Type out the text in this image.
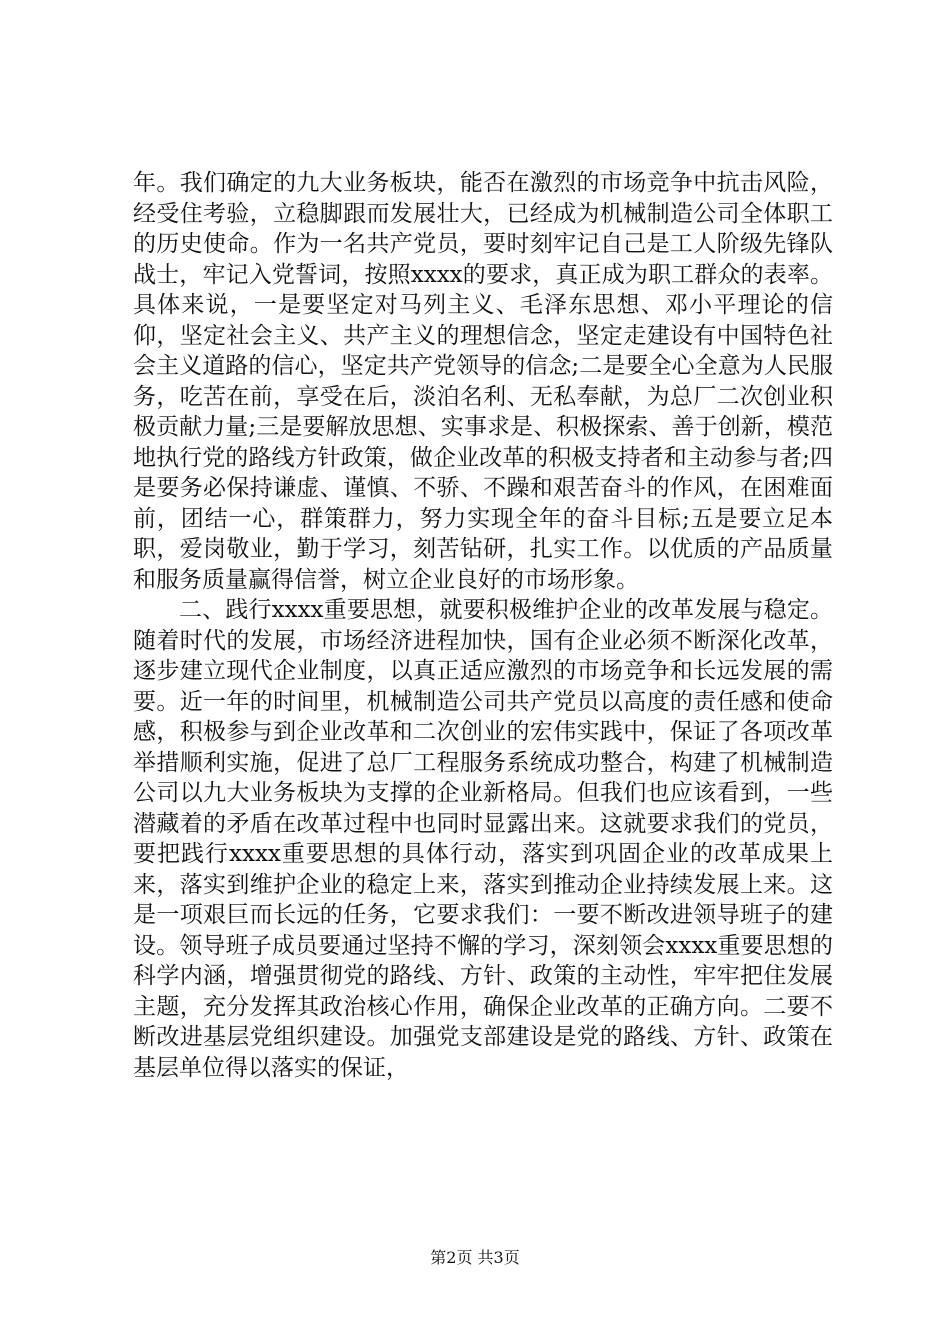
年。我们确定的九大业务板块，能否在激烈的市场竞争中抗击风险，经受住考验，立稳脚跟而发展壮大，已经成为机械制造公司全体职工的历史使命。作为一名共产党员，要时刻牢记自己是工人阶级先锋队战士，牢记入党誓词，按照xxxx的要求，真正成为职工群众的表率。具体来说，一是要坚定对马列主义、毛泽东思想、邓小平理论的信仰，坚定社会主义、共产主义的理想信念，坚定走建设有中国特色社会主义道路的信心，坚定共产党领导的信念;二是要全心全意为人民服务，吃苦在前，享受在后，淡泊名利、无私奉献，为总厂二次创业积极贡献力量;三是要解放思想、实事求是、积极探索、善于创新，模范地执行党的路线方针政策，做企业改革的积极支持者和主动参与者;四是要务必保持谦虚、谨慎、不骄、不躁和艰苦奋斗的作风，在困难面前，团结一心，群策群力，努力实现全年的奋斗目标;五是要立足本职，爱岗敬业，勤于学习，刻苦钻研，扎实工作。以优质的产品质量和服务质量赢得信誉，树立企业良好的市场形象。

二、践行xxxx重要思想，就要积极维护企业的改革发展与稳定。随着时代的发展，市场经济进程加快，国有企业必须不断深化改革，逐步建立现代企业制度，以真正适应激烈的市场竞争和长远发展的需要。近一年的时间里，机械制造公司共产党员以高度的责任感和使命感，积极参与到企业改革和二次创业的宏伟实践中，保证了各项改革举措顺利实施，促进了总厂工程服务系统成功整合，构建了机械制造公司以九大业务板块为支撑的企业新格局。但我们也应该看到，一些潜藏着的矛盾在改革过程中也同时显露出来。这就要求我们的党员，要把践行xxxx重要思想的具体行动，落实到巩固企业的改革成果上来，落实到维护企业的稳定上来，落实到推动企业持续发展上来。这是一项艰巨而长远的任务，它要求我们：一要不断改进领导班子的建设。领导班子成员要通过坚持不懈的学习，深刻领会xxxx重要思想的科学内涵，增强贯彻党的路线、方针、政策的主动性，牢牢把住发展主题，充分发挥其政治核心作用，确保企业改革的正确方向。二要不断改进基层党组织建设。加强党支部建设是党的路线、方针、政策在基层单位得以落实的保证，

第2页 共3页
